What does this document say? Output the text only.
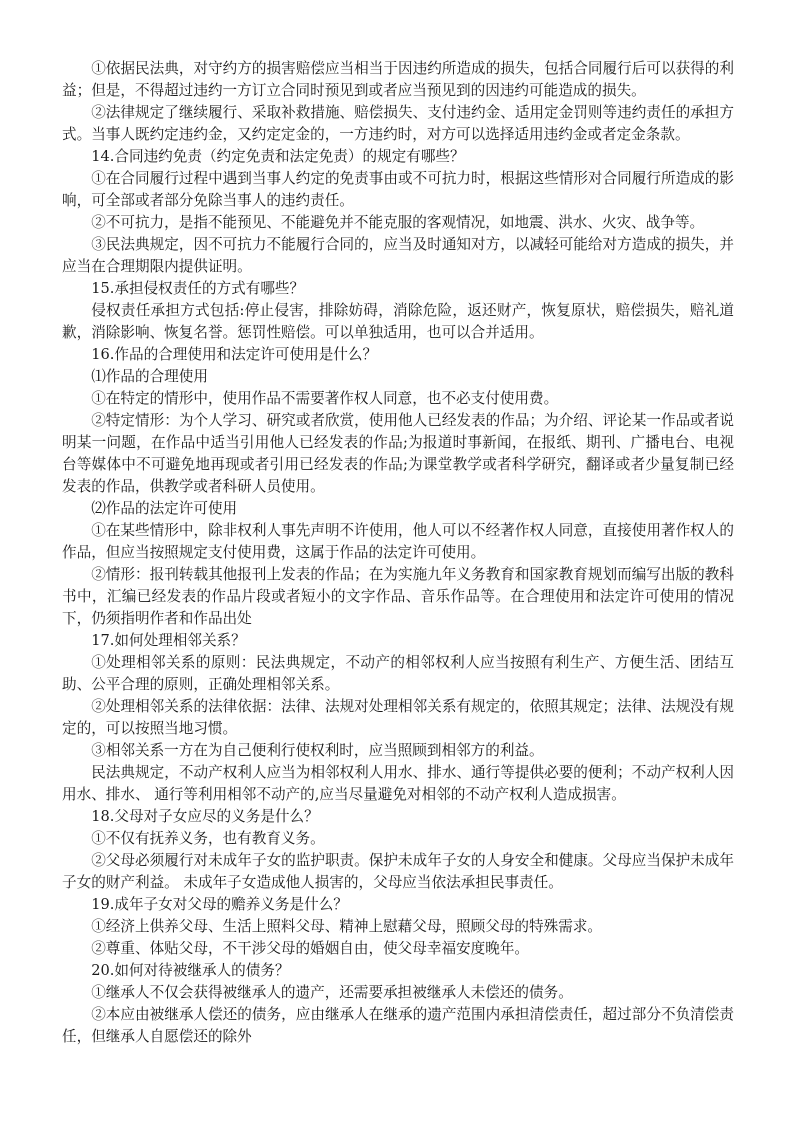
①依据民法典，对守约方的损害赔偿应当相当于因违约所造成的损失，包括合同履行后可以获得的利益；但是，不得超过违约一方订立合同时预见到或者应当预见到的因违约可能造成的损失。

②法律规定了继续履行、采取补救措施、赔偿损失、支付违约金、适用定金罚则等违约责任的承担方式。当事人既约定违约金，又约定定金的，一方违约时，对方可以选择适用违约金或者定金条款。

14.合同违约免责（约定免责和法定免责）的规定有哪些？

①在合同履行过程中遇到当事人约定的免责事由或不可抗力时，根据这些情形对合同履行所造成的影响，可全部或者部分免除当事人的违约责任。

②不可抗力，是指不能预见、不能避免并不能克服的客观情况，如地震、洪水、火灾、战争等。

③民法典规定，因不可抗力不能履行合同的，应当及时通知对方，以减轻可能给对方造成的损失，并应当在合理期限内提供证明。

15.承担侵权责任的方式有哪些？

侵权责任承担方式包括:停止侵害，排除妨碍，消除危险，返还财产，恢复原状，赔偿损失，赔礼道歉，消除影响、恢复名誉。惩罚性赔偿。可以单独适用，也可以合并适用。

16.作品的合理使用和法定许可使用是什么？

⑴作品的合理使用

①在特定的情形中，使用作品不需要著作权人同意，也不必支付使用费。

②特定情形：为个人学习、研究或者欣赏，使用他人已经发表的作品；为介绍、评论某一作品或者说明某一问题，在作品中适当引用他人已经发表的作品;为报道时事新闻，在报纸、期刊、广播电台、电视台等媒体中不可避免地再现或者引用已经发表的作品;为课堂教学或者科学研究，翻译或者少量复制已经发表的作品，供教学或者科研人员使用。

⑵作品的法定许可使用

①在某些情形中，除非权利人事先声明不许使用，他人可以不经著作权人同意，直接使用著作权人的作品，但应当按照规定支付使用费，这属于作品的法定许可使用。

②情形：报刊转载其他报刊上发表的作品；在为实施九年义务教育和国家教育规划而编写出版的教科书中，汇编已经发表的作品片段或者短小的文字作品、音乐作品等。在合理使用和法定许可使用的情况下，仍须指明作者和作品出处

17.如何处理相邻关系？

①处理相邻关系的原则：民法典规定，不动产的相邻权利人应当按照有利生产、方便生活、团结互助、公平合理的原则，正确处理相邻关系。

②处理相邻关系的法律依据：法律、法规对处理相邻关系有规定的，依照其规定；法律、法规没有规定的，可以按照当地习惯。

③相邻关系一方在为自己便利行使权利时，应当照顾到相邻方的利益。

民法典规定，不动产权利人应当为相邻权利人用水、排水、通行等提供必要的便利；不动产权利人因用水、排水、 通行等利用相邻不动产的,应当尽量避免对相邻的不动产权利人造成损害。

18.父母对子女应尽的义务是什么？

①不仅有抚养义务，也有教育义务。

②父母必须履行对未成年子女的监护职责。保护未成年子女的人身安全和健康。父母应当保护未成年子女的财产利益。 未成年子女造成他人损害的，父母应当依法承担民事责任。

19.成年子女对父母的赡养义务是什么？

①经济上供养父母、生活上照料父母、精神上慰藉父母，照顾父母的特殊需求。

②尊重、体贴父母，不干涉父母的婚姻自由，使父母幸福安度晚年。

20.如何对待被继承人的债务？

①继承人不仅会获得被继承人的遗产，还需要承担被继承人未偿还的债务。

②本应由被继承人偿还的债务，应由继承人在继承的遗产范围内承担清偿责任，超过部分不负清偿责任，但继承人自愿偿还的除外
